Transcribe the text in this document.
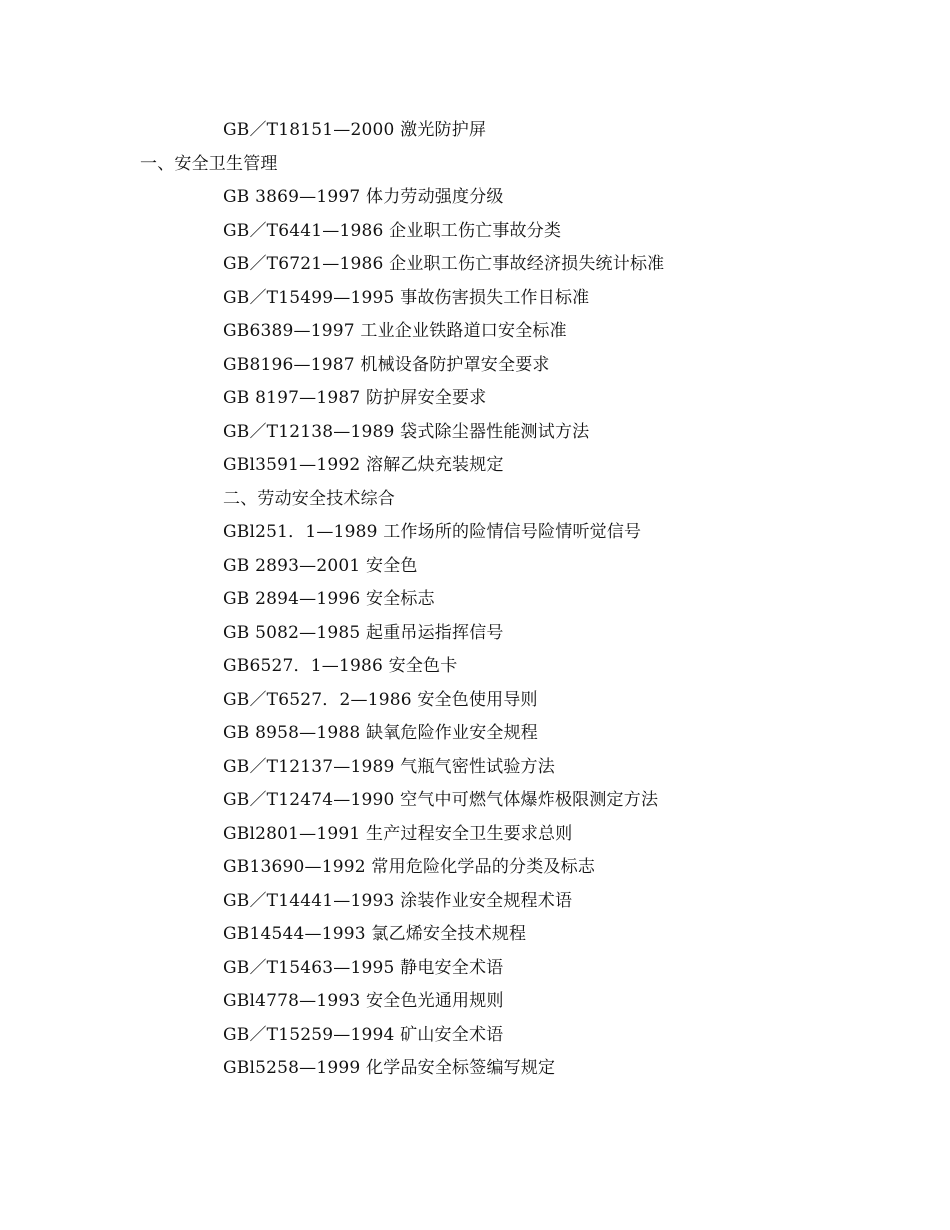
GB／T18151—2000 激光防护屏
一、安全卫生管理
GB 3869—1997 体力劳动强度分级
GB／T6441—1986 企业职工伤亡事故分类
GB／T6721—1986 企业职工伤亡事故经济损失统计标准
GB／T15499—1995 事故伤害损失工作日标准
GB6389—1997 工业企业铁路道口安全标准
GB8196—1987 机械设备防护罩安全要求
GB 8197—1987 防护屏安全要求
GB／T12138—1989 袋式除尘器性能测试方法
GBl3591—1992 溶解乙炔充装规定
二、劳动安全技术综合
GBl251．1—1989 工作场所的险情信号险情听觉信号
GB 2893—2001 安全色
GB 2894—1996 安全标志
GB 5082—1985 起重吊运指挥信号
GB6527．1—1986 安全色卡
GB／T6527．2—1986 安全色使用导则
GB 8958—1988 缺氧危险作业安全规程
GB／T12137—1989 气瓶气密性试验方法
GB／T12474—1990 空气中可燃气体爆炸极限测定方法
GBl2801—1991 生产过程安全卫生要求总则
GB13690—1992 常用危险化学品的分类及标志
GB／T14441—1993 涂装作业安全规程术语
GB14544—1993 氯乙烯安全技术规程
GB／T15463—1995 静电安全术语
GBl4778—1993 安全色光通用规则
GB／T15259—1994 矿山安全术语
GBl5258—1999 化学品安全标签编写规定
